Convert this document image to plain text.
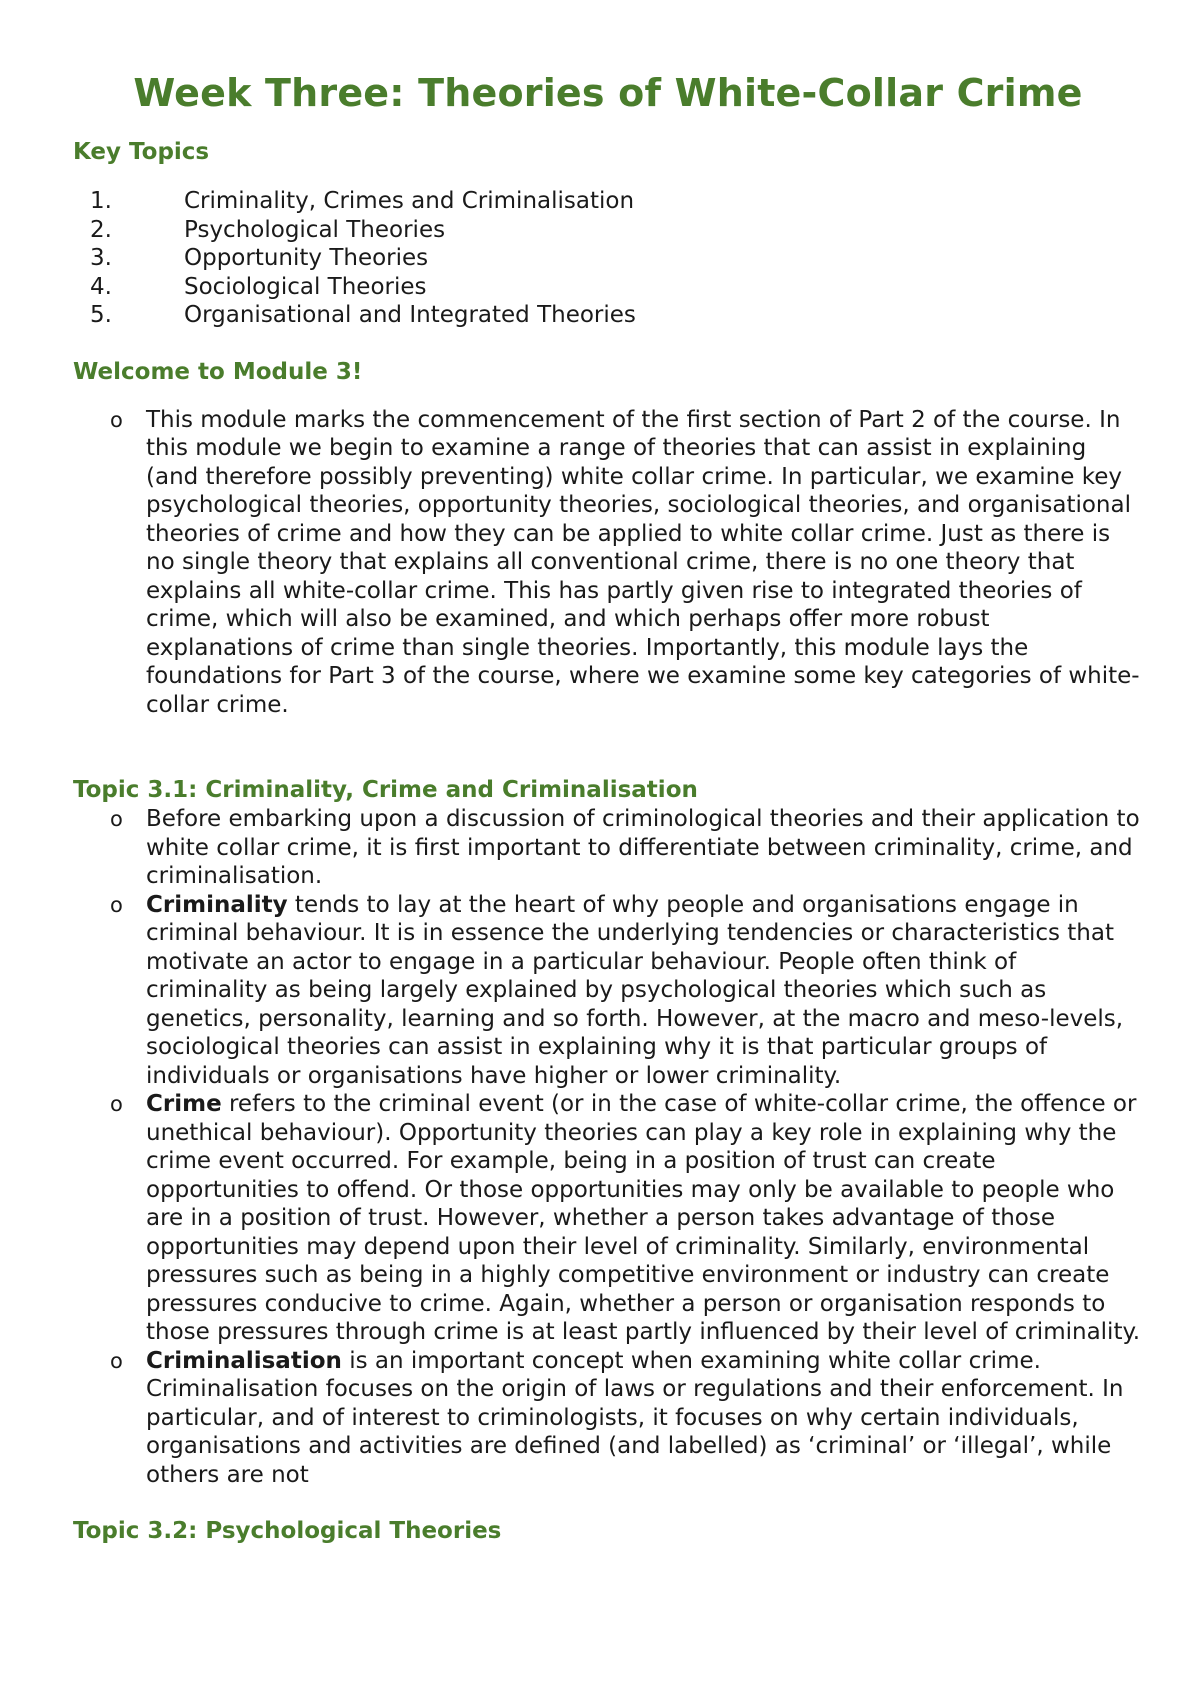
Week Three: Theories of White-Collar Crime
Key Topics
1.	Criminality, Crimes and Criminalisation
2.	Psychological Theories
3.	Opportunity Theories
4.	Sociological Theories
5.	Organisational and Integrated Theories
Welcome to Module 3!
o This module marks the commencement of the first section of Part 2 of the course. In this module we begin to examine a range of theories that can assist in explaining (and therefore possibly preventing) white collar crime. In particular, we examine key psychological theories, opportunity theories, sociological theories, and organisational theories of crime and how they can be applied to white collar crime. Just as there is no single theory that explains all conventional crime, there is no one theory that explains all white-collar crime. This has partly given rise to integrated theories of crime, which will also be examined, and which perhaps offer more robust explanations of crime than single theories. Importantly, this module lays the foundations for Part 3 of the course, where we examine some key categories of white-collar crime.
Topic 3.1: Criminality, Crime and Criminalisation
o Before embarking upon a discussion of criminological theories and their application to white collar crime, it is first important to differentiate between criminality, crime, and criminalisation.
o Criminality tends to lay at the heart of why people and organisations engage in criminal behaviour. It is in essence the underlying tendencies or characteristics that motivate an actor to engage in a particular behaviour. People often think of criminality as being largely explained by psychological theories which such as genetics, personality, learning and so forth. However, at the macro and meso-levels, sociological theories can assist in explaining why it is that particular groups of individuals or organisations have higher or lower criminality.
o Crime refers to the criminal event (or in the case of white-collar crime, the offence or unethical behaviour). Opportunity theories can play a key role in explaining why the crime event occurred. For example, being in a position of trust can create opportunities to offend. Or those opportunities may only be available to people who are in a position of trust. However, whether a person takes advantage of those opportunities may depend upon their level of criminality. Similarly, environmental pressures such as being in a highly competitive environment or industry can create pressures conducive to crime. Again, whether a person or organisation responds to those pressures through crime is at least partly influenced by their level of criminality.
o Criminalisation is an important concept when examining white collar crime. Criminalisation focuses on the origin of laws or regulations and their enforcement. In particular, and of interest to criminologists, it focuses on why certain individuals, organisations and activities are defined (and labelled) as ‘criminal’ or ‘illegal’, while others are not
Topic 3.2: Psychological Theories
